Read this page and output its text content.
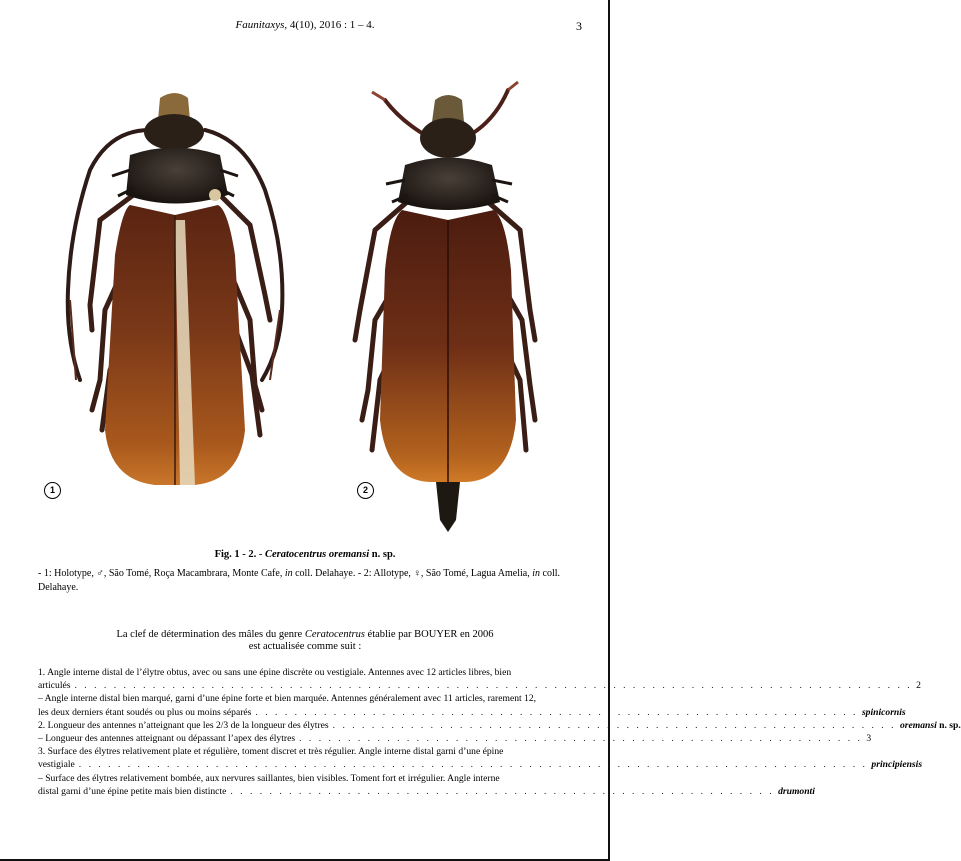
Faunitaxys, 4(10), 2016 : 1 – 4.	3
1	2
Fig. 1 - 2. - Ceratocentrus oremansi n. sp.
- 1: Holotype, ♂, São Tomé, Roça Macambrara, Monte Cafe, in coll. Delahaye. - 2: Allotype, ♀, São Tomé, Lagua Amelia, in coll. Delahaye.
La clef de détermination des mâles du genre Ceratocentrus établie par BOUYER en 2006
est actualisée comme suit :
1. Angle interne distal de l’élytre obtus, avec ou sans une épine discrète ou vestigiale. Antennes avec 12 articles libres, bien
articulés . . . . . . . . . . . . . . . . . . . . . . . . . . . . . . . . . . . . . . . . . . . . . . . . . . . . . . . . . . . . . . . . . . . . . . . . . . . . . . . . . . . . . . 2
– Angle interne distal bien marqué, garni d’une épine forte et bien marquée. Antennes généralement avec 11 articles, rarement 12,
les deux derniers étant soudés ou plus ou moins séparés . . . . . . . . . . . . . . . . . . . . . . . . . . . . . . . . . . . . . . . . . . . . . . . . . . . . . . . . . . . . . . spinicornis
2. Longueur des antennes n’atteignant que les 2/3 de la longueur des élytres . . . . . . . . . . . . . . . . . . . . . . . . . . . . . . . . . . . . . . . . . . . . . . . . . . . . . . . . . . oremansi n. sp.
– Longueur des antennes atteignant ou dépassant l’apex des élytres . . . . . . . . . . . . . . . . . . . . . . . . . . . . . . . . . . . . . . . . . . . . . . . . . . . . . . . . . . 3
3. Surface des élytres relativement plate et régulière, toment discret et très régulier. Angle interne distal garni d’une épine
vestigiale . . . . . . . . . . . . . . . . . . . . . . . . . . . . . . . . . . . . . . . . . . . . . . . . . . . . . . . . . . . . . . . . . . . . . . . . . . . . . . . . . principiensis
– Surface des élytres relativement bombée, aux nervures saillantes, bien visibles. Toment fort et irrégulier. Angle interne
distal garni d’une épine petite mais bien distincte . . . . . . . . . . . . . . . . . . . . . . . . . . . . . . . . . . . . . . . . . . . . . . . . . . . . . . . . drumonti
